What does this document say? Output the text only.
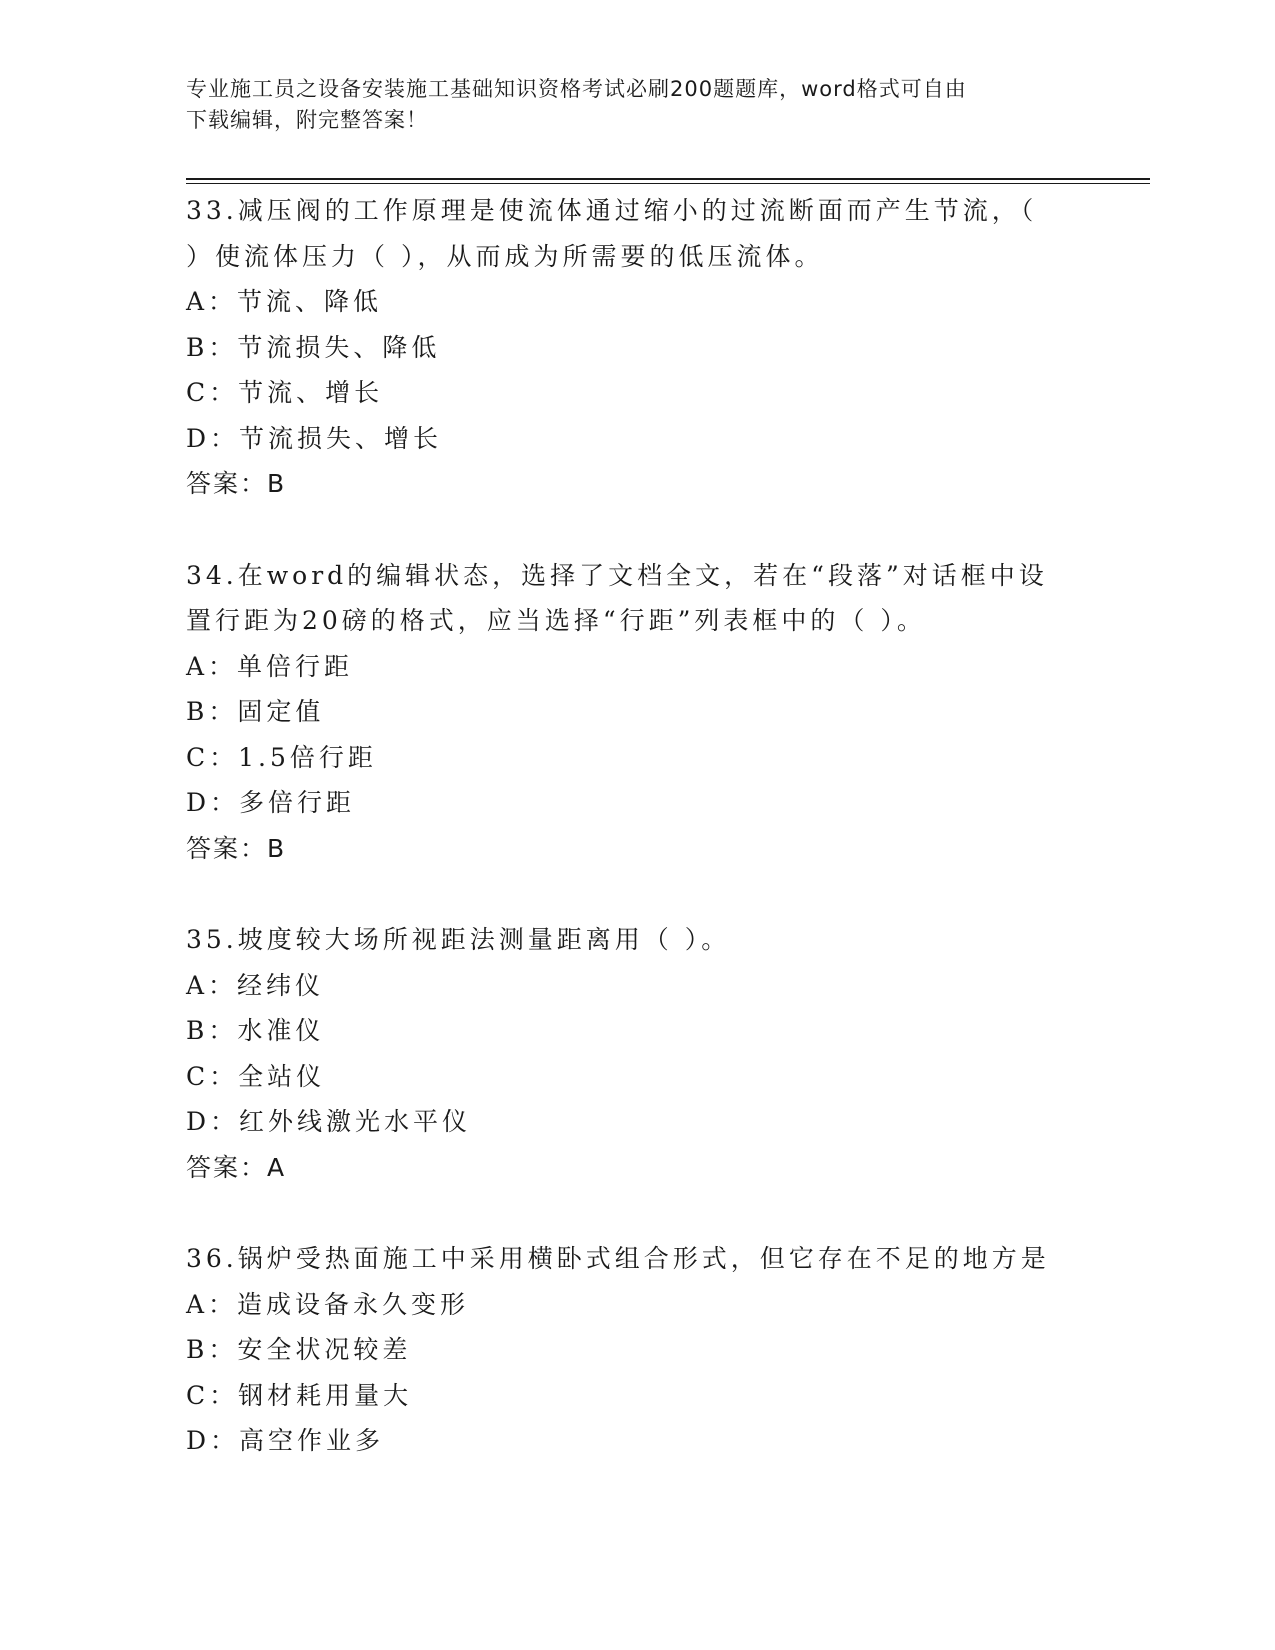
专业施工员之设备安装施工基础知识资格考试必刷200题题库，word格式可自由
下载编辑，附完整答案！
33.减压阀的工作原理是使流体通过缩小的过流断面而产生节流，（
）使流体压力（ ），从而成为所需要的低压流体。
A：节流、降低
B：节流损失、降低
C：节流、增长
D：节流损失、增长
答案：B
34.在word的编辑状态，选择了文档全文，若在“段落”对话框中设
置行距为20磅的格式，应当选择“行距”列表框中的（ ）。
A：单倍行距
B：固定值
C：1.5倍行距
D：多倍行距
答案：B
35.坡度较大场所视距法测量距离用（ ）。
A：经纬仪
B：水准仪
C：全站仪
D：红外线激光水平仪
答案：A
36.锅炉受热面施工中采用横卧式组合形式，但它存在不足的地方是
A：造成设备永久变形
B：安全状况较差
C：钢材耗用量大
D：高空作业多
